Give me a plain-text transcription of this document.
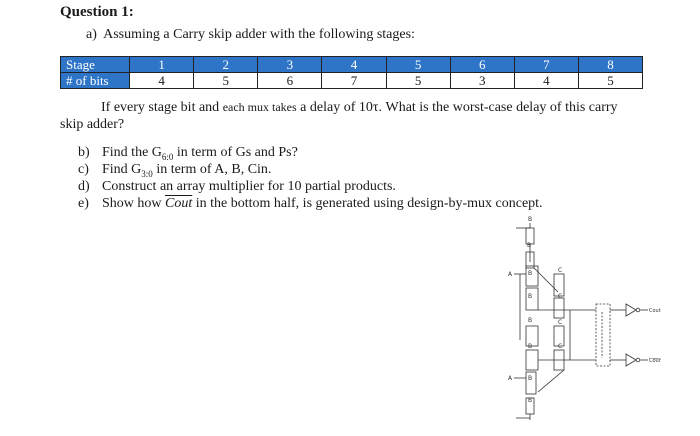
Question 1:
a)  Assuming a Carry skip adder with the following stages:
Stage	1	2	3	4	5	6	7	8
# of bits	4	5	6	7	5	3	4	5
If every stage bit and each mux takes a delay of 10τ. What is the worst-case delay of this carry
skip adder?
b) Find the $G_{6:0}$ in term of Gs and Ps?
c) Find $G_{3:0}$ in term of A, B, Cin.
d) Construct an array multiplier for 10 partial products.
e) Show how Cout in the bottom half, is generated using design-by-mux concept.
B
B
A	B	C
B	C
B	C
B	C
B
A
B
Cout
Cout
